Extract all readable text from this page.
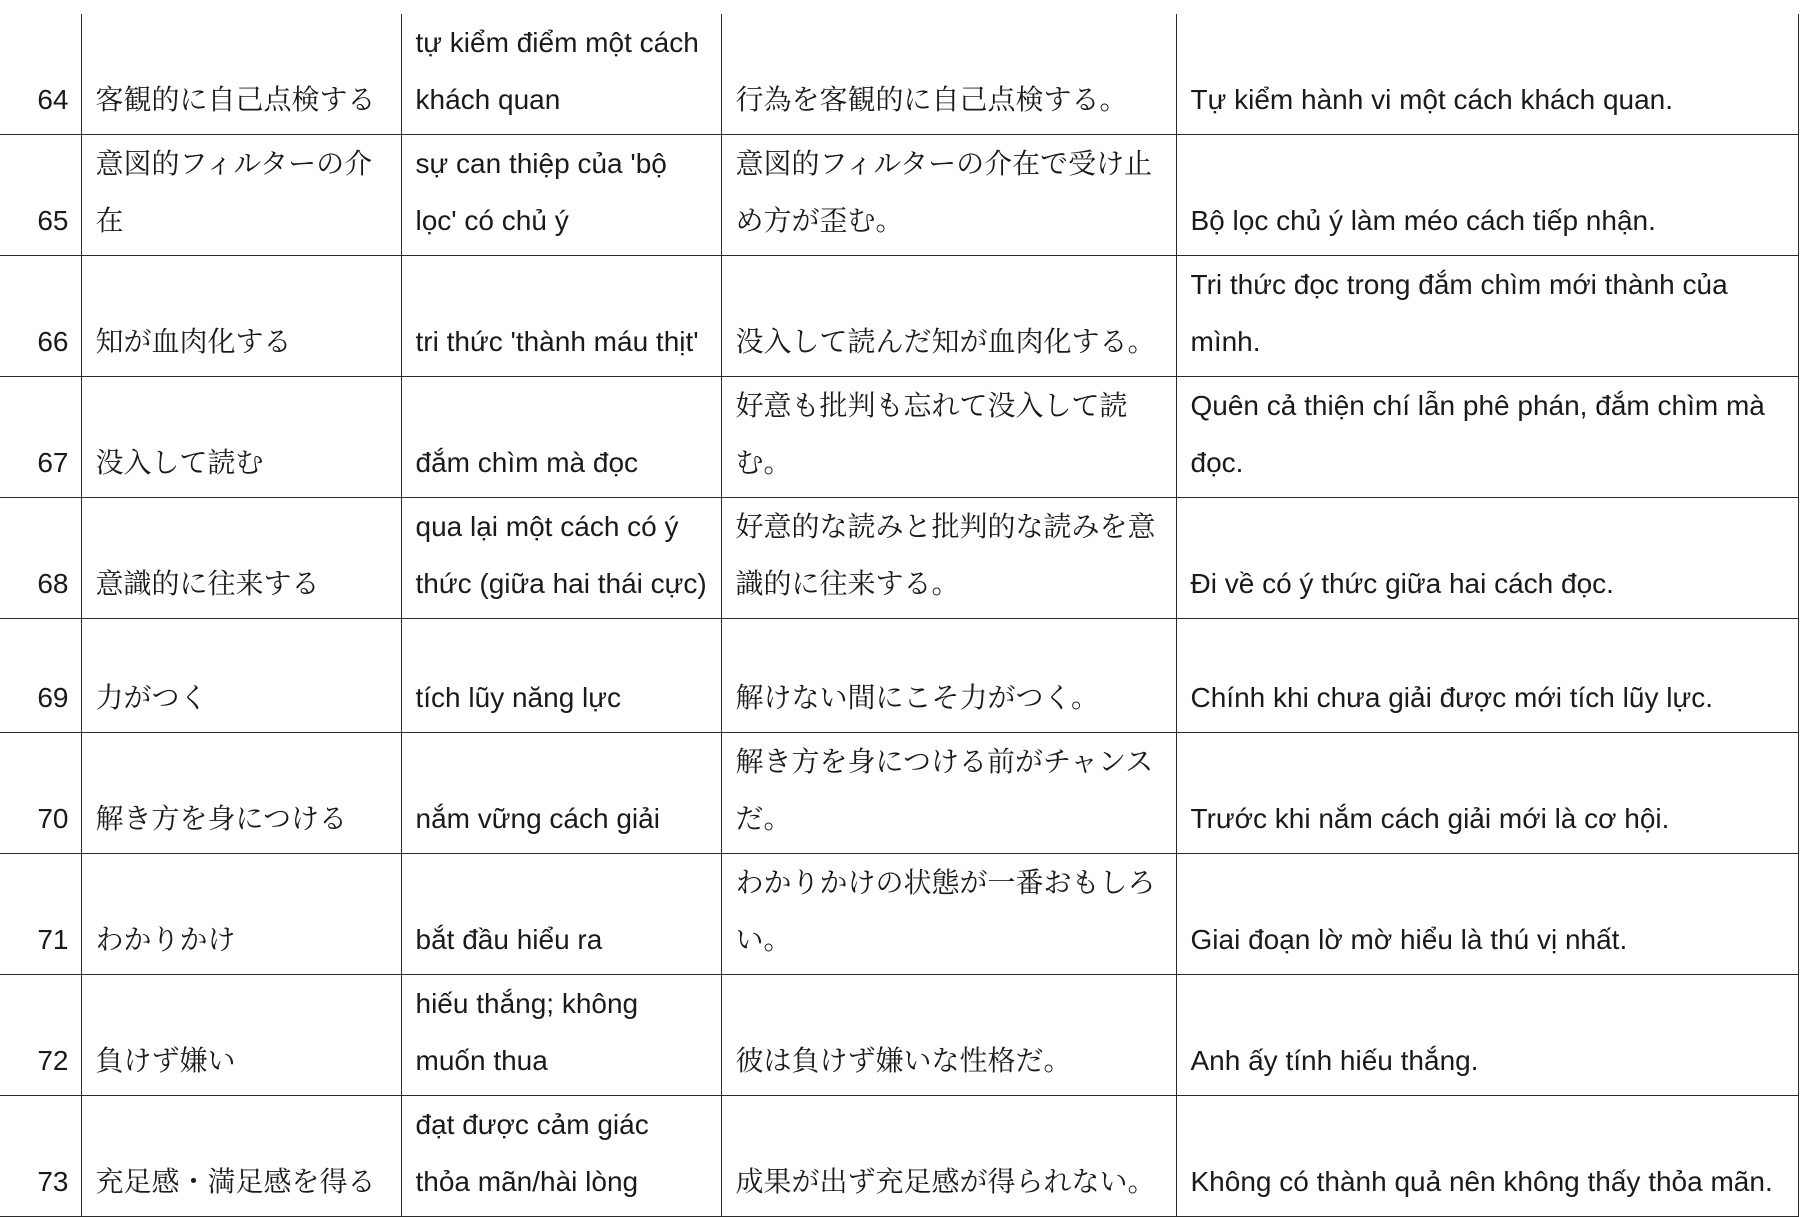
64	客観的に自己点検する	tự kiểm điểm một cách khách quan	行為を客観的に自己点検する。	Tự kiểm hành vi một cách khách quan.
65	意図的フィルターの介在	sự can thiệp của 'bộ lọc' có chủ ý	意図的フィルターの介在で受け止め方が歪む。	Bộ lọc chủ ý làm méo cách tiếp nhận.
66	知が血肉化する	tri thức 'thành máu thịt'	没入して読んだ知が血肉化する。	Tri thức đọc trong đắm chìm mới thành của mình.
67	没入して読む	đắm chìm mà đọc	好意も批判も忘れて没入して読む。	Quên cả thiện chí lẫn phê phán, đắm chìm mà đọc.
68	意識的に往来する	qua lại một cách có ý thức (giữa hai thái cực)	好意的な読みと批判的な読みを意識的に往来する。	Đi về có ý thức giữa hai cách đọc.
69	力がつく	tích lũy năng lực	解けない間にこそ力がつく。	Chính khi chưa giải được mới tích lũy lực.
70	解き方を身につける	nắm vững cách giải	解き方を身につける前がチャンスだ。	Trước khi nắm cách giải mới là cơ hội.
71	わかりかけ	bắt đầu hiểu ra	わかりかけの状態が一番おもしろい。	Giai đoạn lờ mờ hiểu là thú vị nhất.
72	負けず嫌い	hiếu thắng; không muốn thua	彼は負けず嫌いな性格だ。	Anh ấy tính hiếu thắng.
73	充足感・満足感を得る	đạt được cảm giác thỏa mãn/hài lòng	成果が出ず充足感が得られない。	Không có thành quả nên không thấy thỏa mãn.
